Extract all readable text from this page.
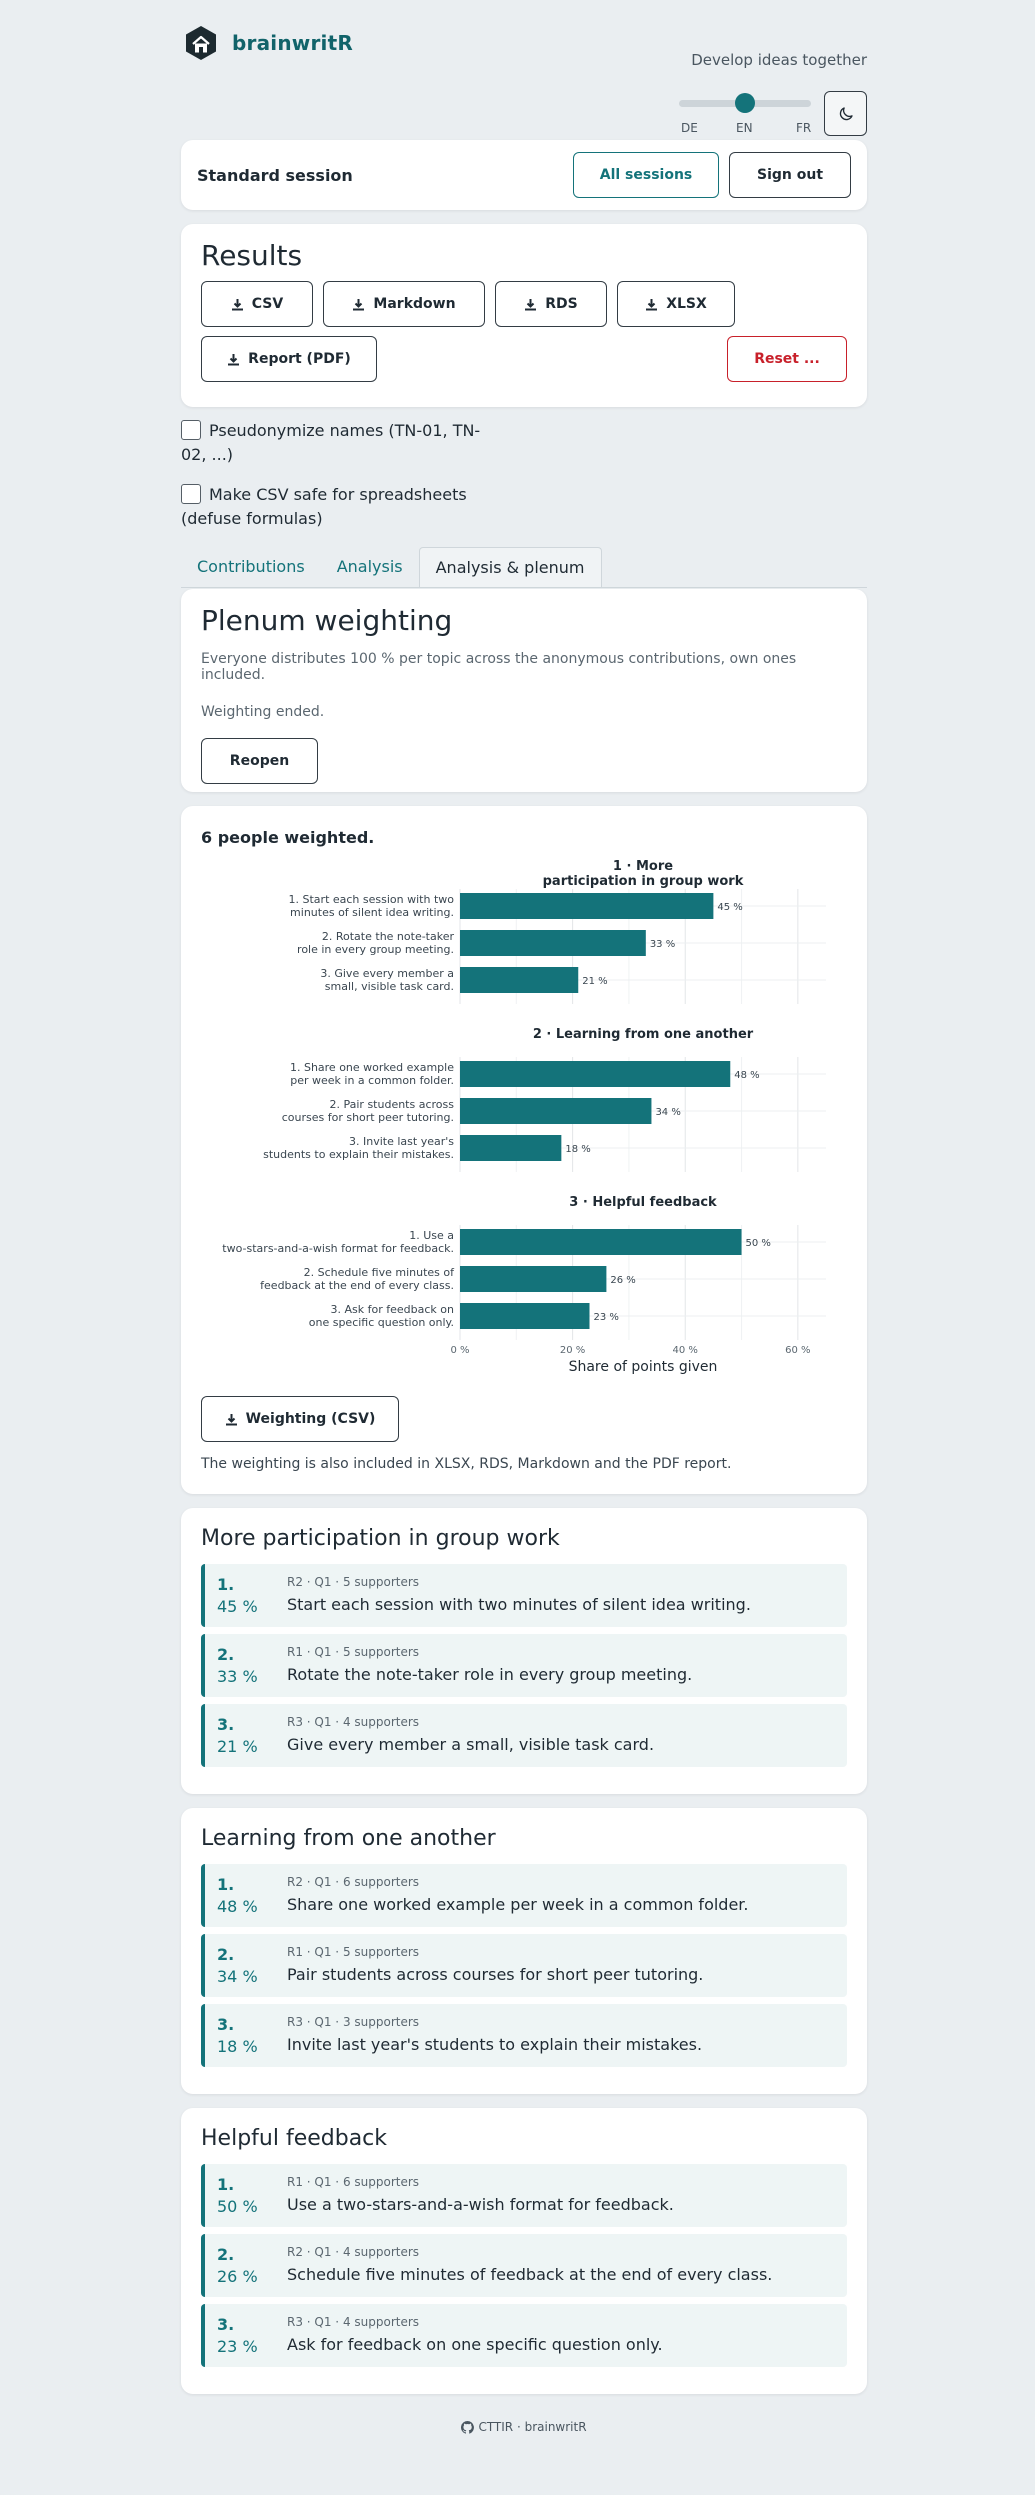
brainwritR
Develop ideas together
DE	EN	FR
Standard session	All sessions	Sign out
Results
CSV	Markdown	RDS	XLSX
Report (PDF)	Reset ...
Pseudonymize names (TN-01, TN-02, ...)
Make CSV safe for spreadsheets (defuse formulas)
Contributions	Analysis	Analysis & plenum
Plenum weighting
Everyone distributes 100 % per topic across the anonymous contributions, own ones included.
Weighting ended.
Reopen
6 people weighted.
1 · More
participation in group work
45 %
1. Start each session with two
minutes of silent idea writing.
33 %
2. Rotate the note-taker
role in every group meeting.
21 %
3. Give every member a
small, visible task card.
2 · Learning from one another
48 %
1. Share one worked example
per week in a common folder.
34 %
2. Pair students across
courses for short peer tutoring.
18 %
3. Invite last year's
students to explain their mistakes.
3 · Helpful feedback
50 %
1. Use a
two-stars-and-a-wish format for feedback.
26 %
2. Schedule five minutes of
feedback at the end of every class.
23 %
3. Ask for feedback on
one specific question only.
0 %	20 %	40 %	60 %
Share of points given
Weighting (CSV)
The weighting is also included in XLSX, RDS, Markdown and the PDF report.
More participation in group work
1.
45 %
R2 · Q1 · 5 supporters
Start each session with two minutes of silent idea writing.
2.
33 %
R1 · Q1 · 5 supporters
Rotate the note-taker role in every group meeting.
3.
21 %
R3 · Q1 · 4 supporters
Give every member a small, visible task card.
Learning from one another
1.
48 %
R2 · Q1 · 6 supporters
Share one worked example per week in a common folder.
2.
34 %
R1 · Q1 · 5 supporters
Pair students across courses for short peer tutoring.
3.
18 %
R3 · Q1 · 3 supporters
Invite last year's students to explain their mistakes.
Helpful feedback
1.
50 %
R1 · Q1 · 6 supporters
Use a two-stars-and-a-wish format for feedback.
2.
26 %
R2 · Q1 · 4 supporters
Schedule five minutes of feedback at the end of every class.
3.
23 %
R3 · Q1 · 4 supporters
Ask for feedback on one specific question only.
CTTIR · brainwritR
